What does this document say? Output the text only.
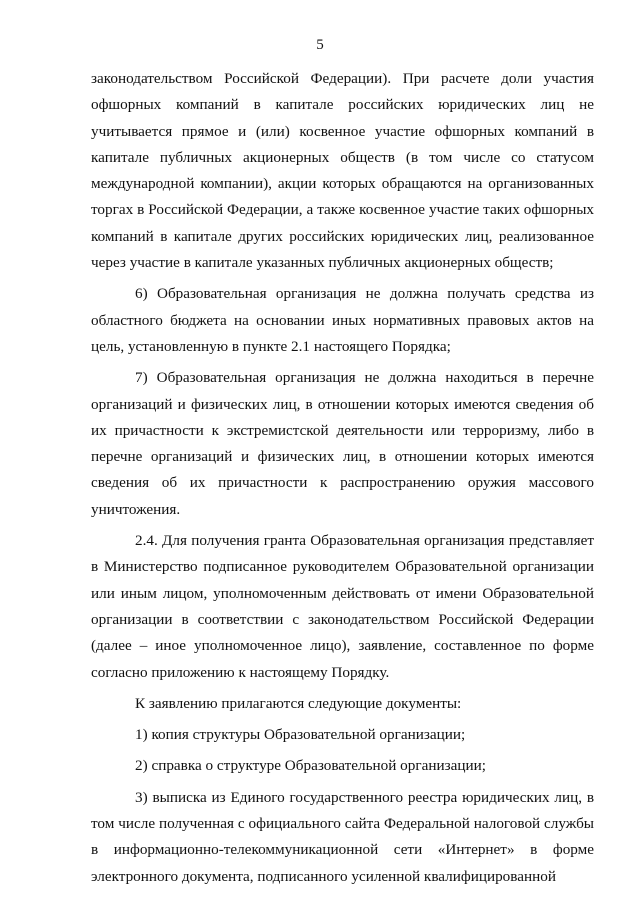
5

законодательством Российской Федерации). При расчете доли участия офшорных компаний в капитале российских юридических лиц не учитывается прямое и (или) косвенное участие офшорных компаний в капитале публичных акционерных обществ (в том числе со статусом международной компании), акции которых обращаются на организованных торгах в Российской Федерации, а также косвенное участие таких офшорных компаний в капитале других российских юридических лиц, реализованное через участие в капитале указанных публичных акционерных обществ;

6) Образовательная организация не должна получать средства из областного бюджета на основании иных нормативных правовых актов на цель, установленную в пункте 2.1 настоящего Порядка;

7) Образовательная организация не должна находиться в перечне организаций и физических лиц, в отношении которых имеются сведения об их причастности к экстремистской деятельности или терроризму, либо в перечне организаций и физических лиц, в отношении которых имеются сведения об их причастности к распространению оружия массового уничтожения.

2.4. Для получения гранта Образовательная организация представляет в Министерство подписанное руководителем Образовательной организации или иным лицом, уполномоченным действовать от имени Образовательной организации в соответствии с законодательством Российской Федерации (далее – иное уполномоченное лицо), заявление, составленное по форме согласно приложению к настоящему Порядку.

К заявлению прилагаются следующие документы:

1) копия структуры Образовательной организации;

2) справка о структуре Образовательной организации;

3) выписка из Единого государственного реестра юридических лиц, в том числе полученная с официального сайта Федеральной налоговой службы в информационно-телекоммуникационной сети «Интернет» в форме электронного документа, подписанного усиленной квалифицированной
